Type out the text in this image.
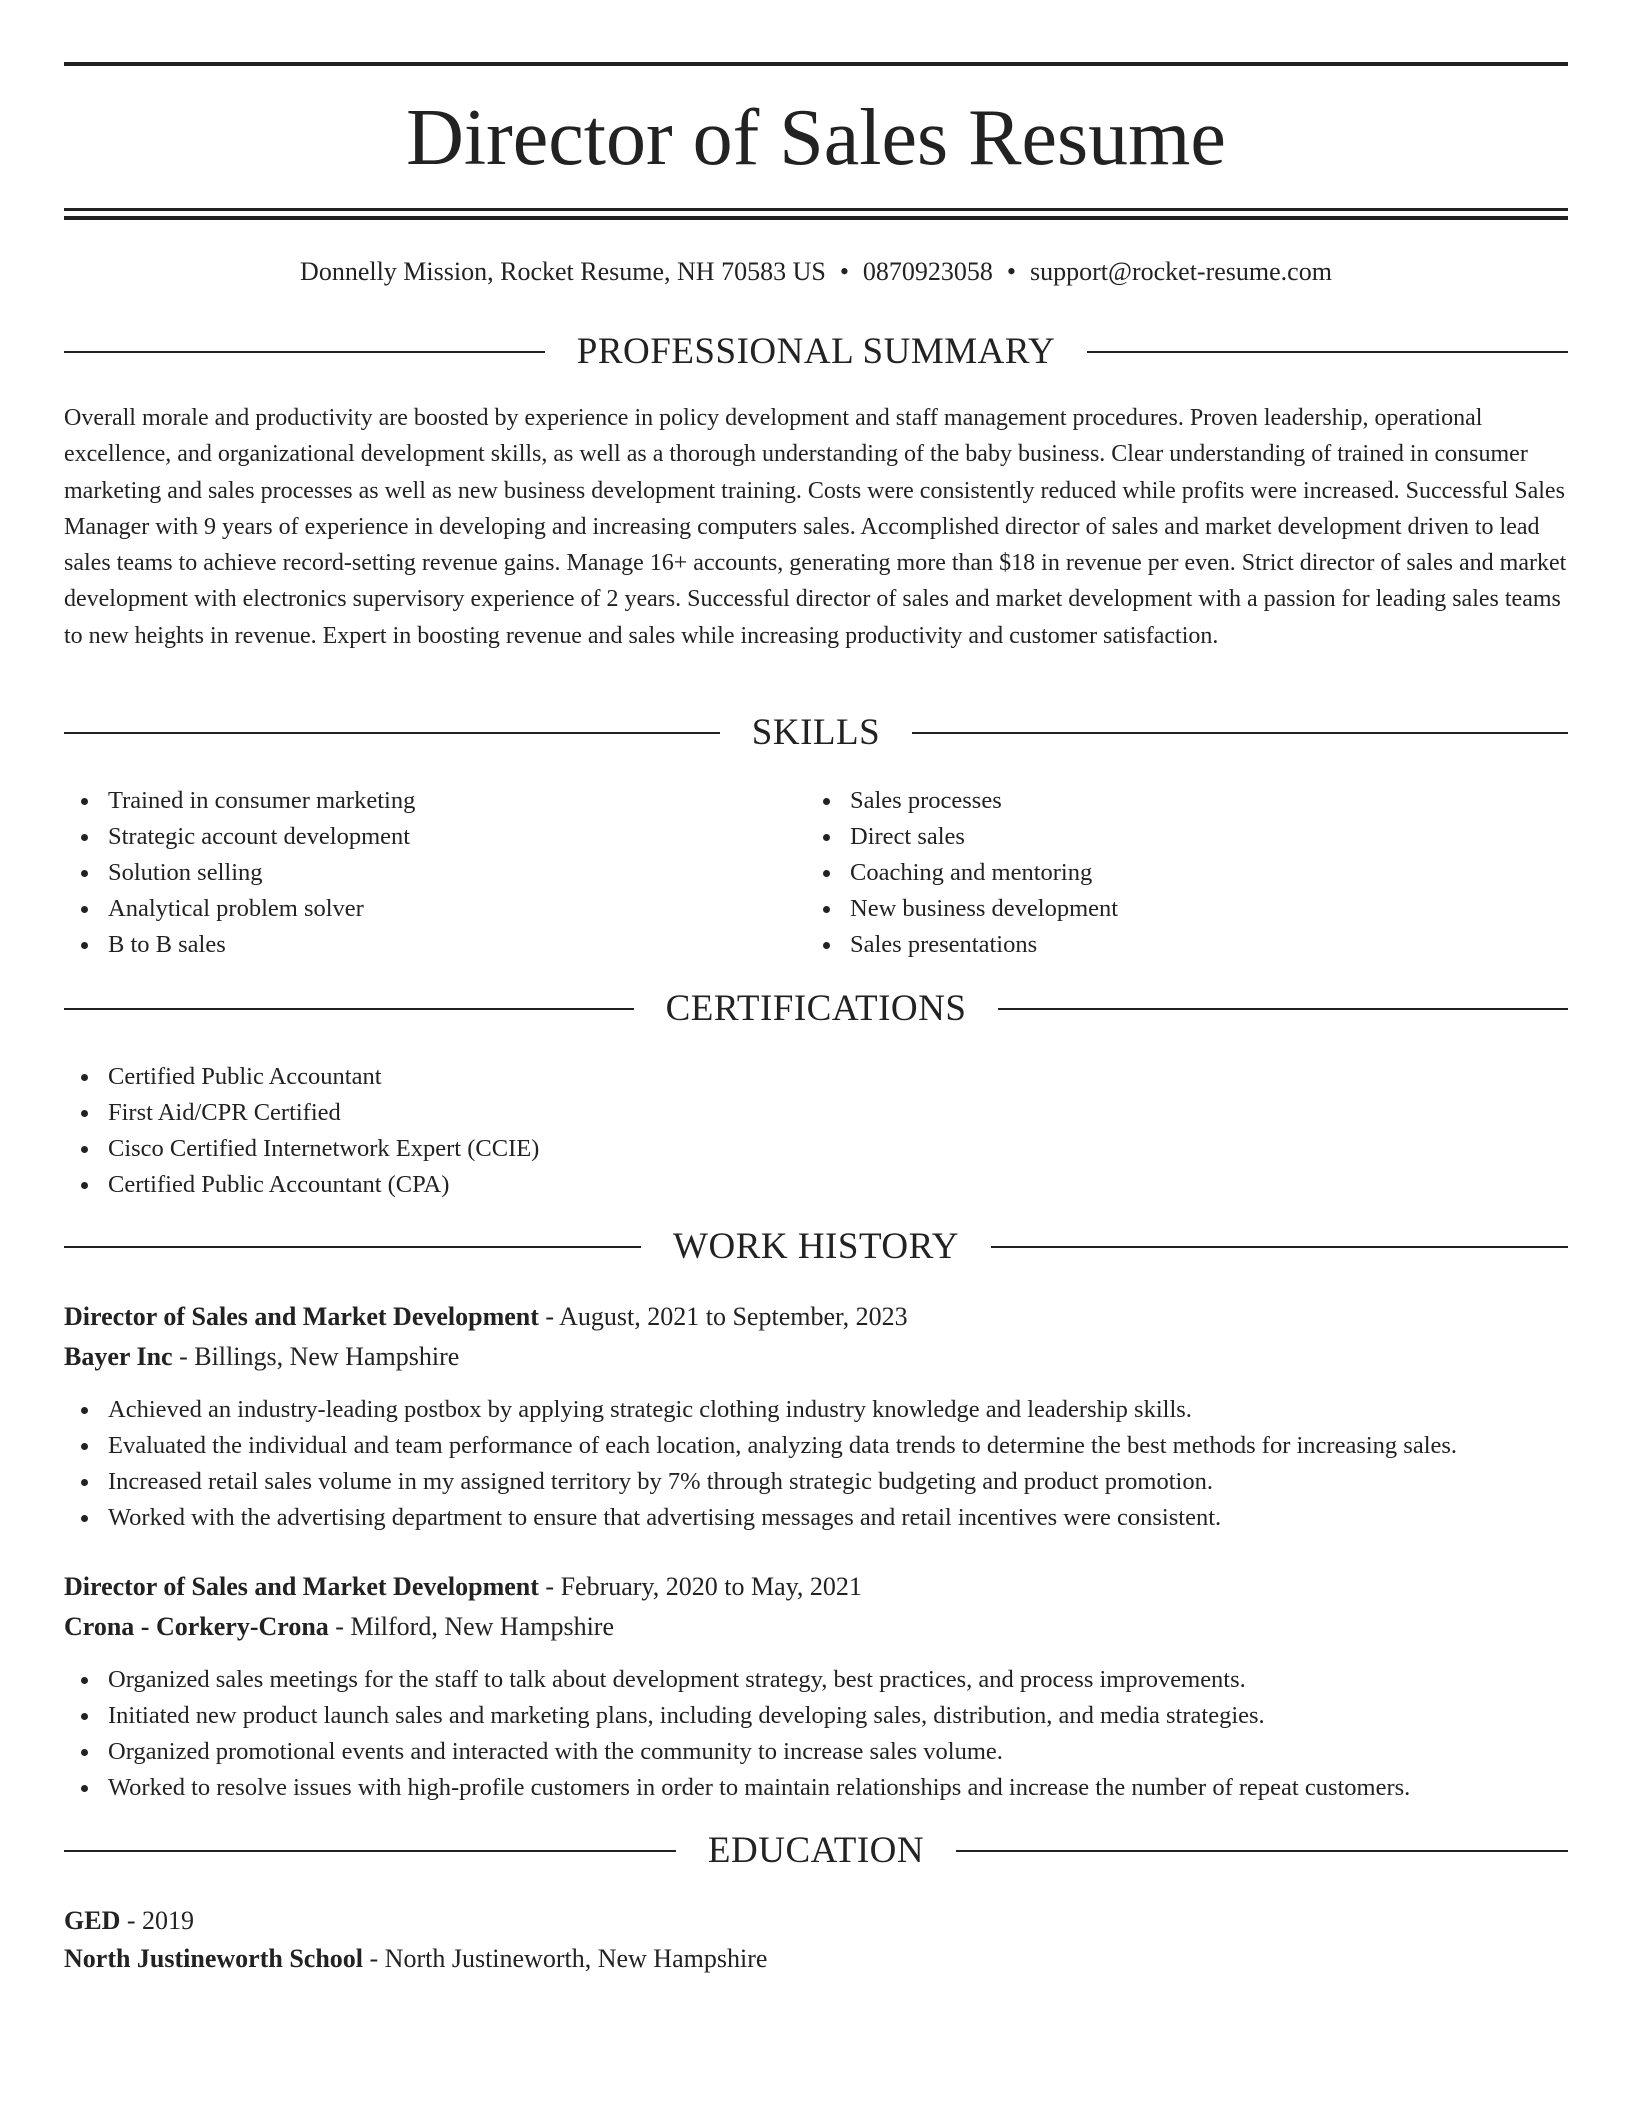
Director of Sales Resume
Donnelly Mission, Rocket Resume, NH 70583 US • 0870923058 • support@rocket-resume.com
PROFESSIONAL SUMMARY

Overall morale and productivity are boosted by experience in policy development and staff management procedures. Proven leadership, operational excellence, and organizational development skills, as well as a thorough understanding of the baby business. Clear understanding of trained in consumer marketing and sales processes as well as new business development training. Costs were consistently reduced while profits were increased. Successful Sales Manager with 9 years of experience in developing and increasing computers sales. Accomplished director of sales and market development driven to lead sales teams to achieve record-setting revenue gains. Manage 16+ accounts, generating more than $18 in revenue per even. Strict director of sales and market development with electronics supervisory experience of 2 years. Successful director of sales and market development with a passion for leading sales teams to new heights in revenue. Expert in boosting revenue and sales while increasing productivity and customer satisfaction.

SKILLS
Trained in consumer marketing
Strategic account development
Solution selling
Analytical problem solver
B to B sales
Sales processes
Direct sales
Coaching and mentoring
New business development
Sales presentations
CERTIFICATIONS
Certified Public Accountant
First Aid/CPR Certified
Cisco Certified Internetwork Expert (CCIE)
Certified Public Accountant (CPA)
WORK HISTORY
Director of Sales and Market Development - August, 2021 to September, 2023
Bayer Inc - Billings, New Hampshire
Achieved an industry-leading postbox by applying strategic clothing industry knowledge and leadership skills.
Evaluated the individual and team performance of each location, analyzing data trends to determine the best methods for increasing sales.
Increased retail sales volume in my assigned territory by 7% through strategic budgeting and product promotion.
Worked with the advertising department to ensure that advertising messages and retail incentives were consistent.
Director of Sales and Market Development - February, 2020 to May, 2021
Crona - Corkery-Crona - Milford, New Hampshire
Organized sales meetings for the staff to talk about development strategy, best practices, and process improvements.
Initiated new product launch sales and marketing plans, including developing sales, distribution, and media strategies.
Organized promotional events and interacted with the community to increase sales volume.
Worked to resolve issues with high-profile customers in order to maintain relationships and increase the number of repeat customers.
EDUCATION
GED - 2019
North Justineworth School - North Justineworth, New Hampshire
